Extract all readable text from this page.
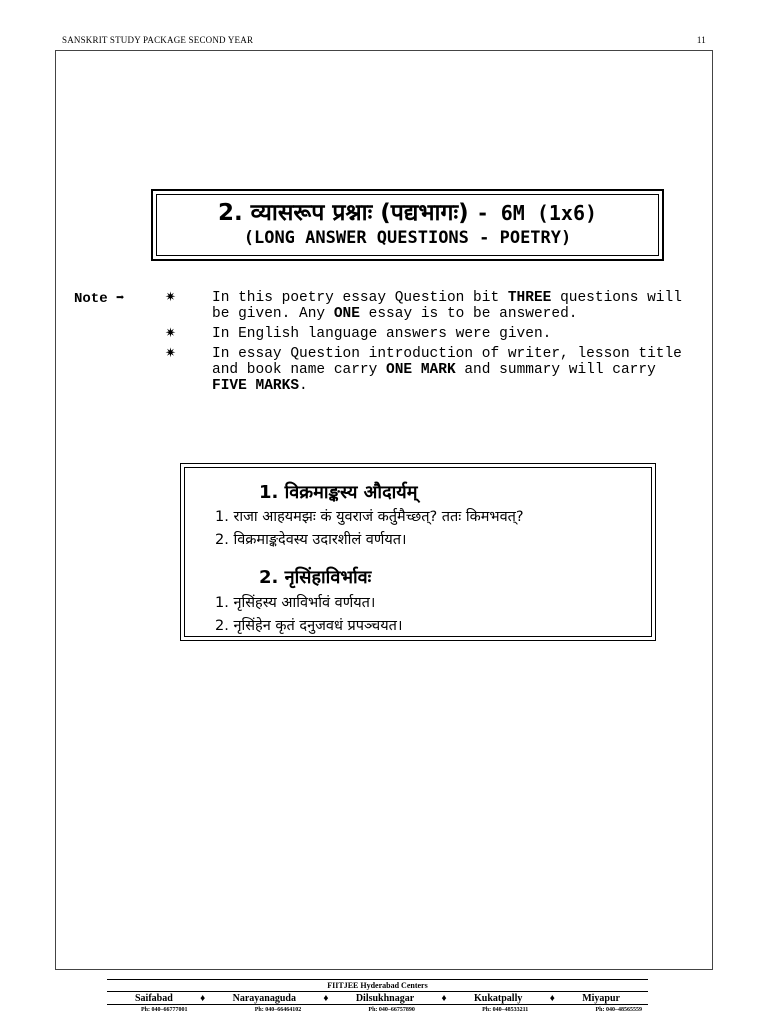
SANSKRIT STUDY PACKAGE SECOND YEAR	11
2. व्यासरूप प्रश्नाः (पद्यभागः) - 6M (1x6)
(LONG ANSWER QUESTIONS - POETRY)
Note ➡	✷	In this poetry essay Question bit THREE questions will be given. Any ONE essay is to be answered.
✷	In English language answers were given.
✷	In essay Question introduction of writer, lesson title and book name carry ONE MARK and summary will carry FIVE MARKS.
1. विक्रमाङ्कस्य औदार्यम्
1. राजा आहयमझः कं युवराजं कर्तुमैच्छत्? ततः किमभवत्?
2. विक्रमाङ्कदेवस्य उदारशीलं वर्णयत।
2. नृसिंहाविर्भावः
1. नृसिंहस्य आविर्भावं वर्णयत।
2. नृसिंहेन कृतं दनुजवधं प्रपञ्चयत।
FIITJEE Hyderabad Centers
Saifabad	♦	Narayanaguda	♦	Dilsukhnagar	♦	Kukatpally	♦	Miyapur
Ph: 040–66777001	Ph: 040–66464102	Ph: 040–66757890	Ph: 040–48533211	Ph: 040–48565559
